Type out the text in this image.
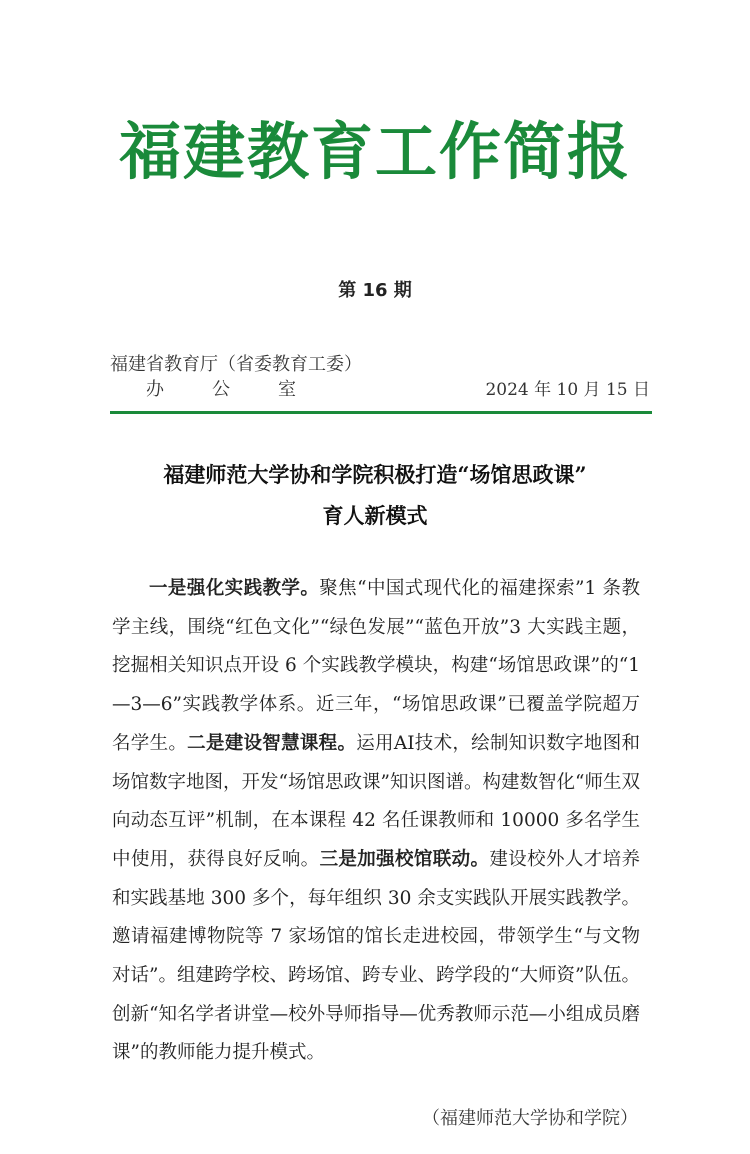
福建教育工作简报
第 16 期
福建省教育厅（省委教育工委）
办公室	2024 年 10 月 15 日
福建师范大学协和学院积极打造“场馆思政课”
育人新模式
一是强化实践教学。聚焦“中国式现代化的福建探索”1 条教学主线，围绕“红色文化”“绿色发展”“蓝色开放”3 大实践主题，挖掘相关知识点开设 6 个实践教学模块，构建“场馆思政课”的“1—3—6”实践教学体系。近三年，“场馆思政课”已覆盖学院超万名学生。二是建设智慧课程。运用AI技术，绘制知识数字地图和场馆数字地图，开发“场馆思政课”知识图谱。构建数智化“师生双向动态互评”机制，在本课程 42 名任课教师和 10000 多名学生中使用，获得良好反响。三是加强校馆联动。建设校外人才培养和实践基地 300 多个，每年组织 30 余支实践队开展实践教学。邀请福建博物院等 7 家场馆的馆长走进校园，带领学生“与文物对话”。组建跨学校、跨场馆、跨专业、跨学段的“大师资”队伍。创新“知名学者讲堂—校外导师指导—优秀教师示范—小组成员磨课”的教师能力提升模式。
（福建师范大学协和学院）
